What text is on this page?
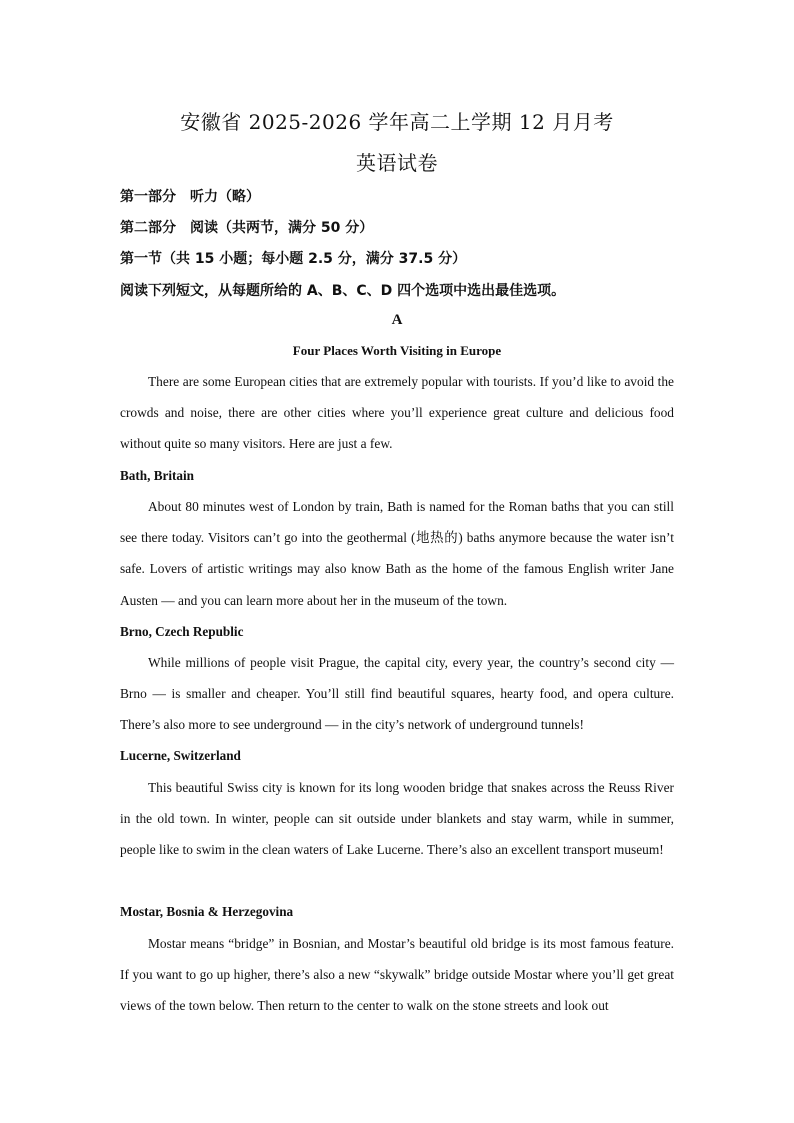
安徽省 2025-2026 学年高二上学期 12 月月考
英语试卷
第一部分　听力（略）
第二部分　阅读（共两节，满分 50 分）
第一节（共 15 小题；每小题 2.5 分，满分 37.5 分）
阅读下列短文，从每题所给的 A、B、C、D 四个选项中选出最佳选项。
A
Four Places Worth Visiting in Europe

There are some European cities that are extremely popular with tourists. If you’d like to avoid the crowds and noise, there are other cities where you’ll experience great culture and delicious food without quite so many visitors. Here are just a few.

Bath, Britain

About 80 minutes west of London by train, Bath is named for the Roman baths that you can still see there today. Visitors can’t go into the geothermal (地热的) baths anymore because the water isn’t safe. Lovers of artistic writings may also know Bath as the home of the famous English writer Jane Austen — and you can learn more about her in the museum of the town.

Brno, Czech Republic

While millions of people visit Prague, the capital city, every year, the country’s second city — Brno — is smaller and cheaper. You’ll still find beautiful squares, hearty food, and opera culture. There’s also more to see underground — in the city’s network of underground tunnels!

Lucerne, Switzerland

This beautiful Swiss city is known for its long wooden bridge that snakes across the Reuss River in the old town. In winter, people can sit outside under blankets and stay warm, while in summer, people like to swim in the clean waters of Lake Lucerne. There’s also an excellent transport museum!

Mostar, Bosnia & Herzegovina

Mostar means “bridge” in Bosnian, and Mostar’s beautiful old bridge is its most famous feature. If you want to go up higher, there’s also a new “skywalk” bridge outside Mostar where you’ll get great views of the town below. Then return to the center to walk on the stone streets and look out
